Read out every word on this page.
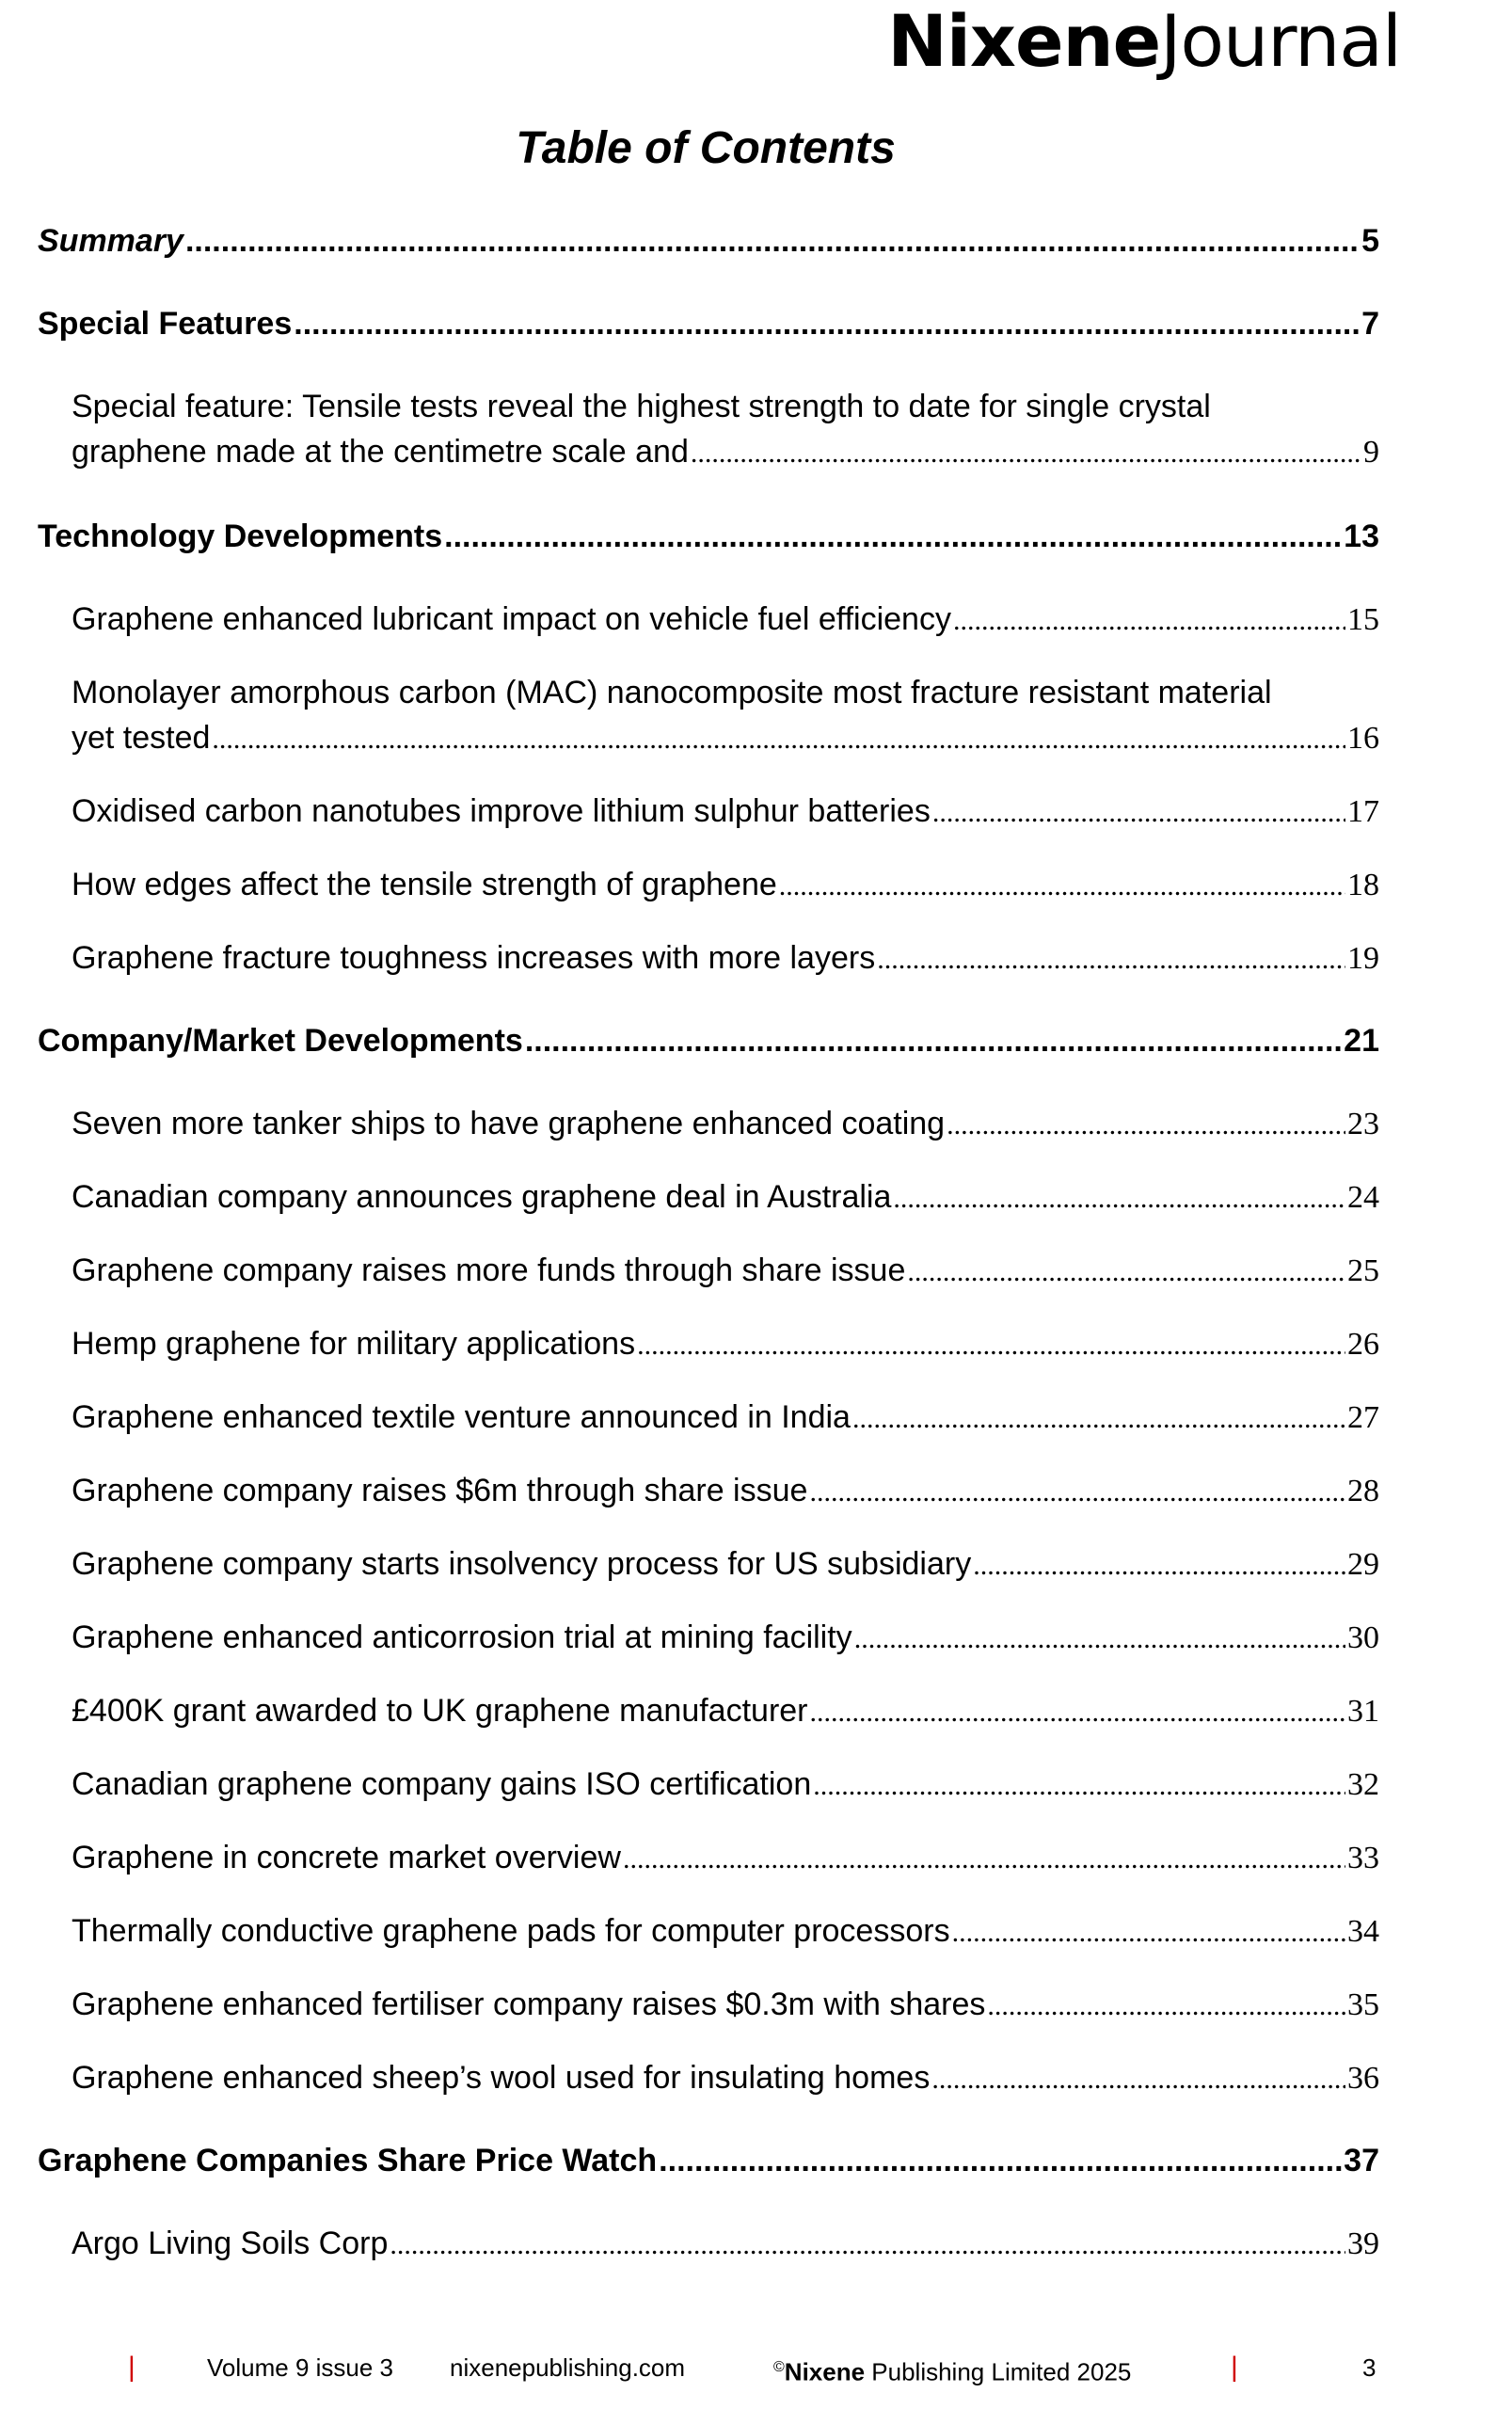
NixeneJournal
Table of Contents
Summary .....	5
Special Features .....	7
Special feature: Tensile tests reveal the highest strength to date for single crystal
graphene made at the centimetre scale and .....	9
Technology Developments .....	13
Graphene enhanced lubricant impact on vehicle fuel efficiency .....	15
Monolayer amorphous carbon (MAC) nanocomposite most fracture resistant material
yet tested .....	16
Oxidised carbon nanotubes improve lithium sulphur batteries .....	17
How edges affect the tensile strength of graphene .....	18
Graphene fracture toughness increases with more layers .....	19
Company/Market Developments .....	21
Seven more tanker ships to have graphene enhanced coating .....	23
Canadian company announces graphene deal in Australia .....	24
Graphene company raises more funds through share issue .....	25
Hemp graphene for military applications .....	26
Graphene enhanced textile venture announced in India .....	27
Graphene company raises $6m through share issue .....	28
Graphene company starts insolvency process for US subsidiary .....	29
Graphene enhanced anticorrosion trial at mining facility .....	30
£400K grant awarded to UK graphene manufacturer .....	31
Canadian graphene company gains ISO certification .....	32
Graphene in concrete market overview .....	33
Thermally conductive graphene pads for computer processors .....	34
Graphene enhanced fertiliser company raises $0.3m with shares .....	35
Graphene enhanced sheep’s wool used for insulating homes .....	36
Graphene Companies Share Price Watch .....	37
Argo Living Soils Corp .....	39
|	Volume 9 issue 3 nixenepublishing.com	©Nixene Publishing Limited 2025	|	3
